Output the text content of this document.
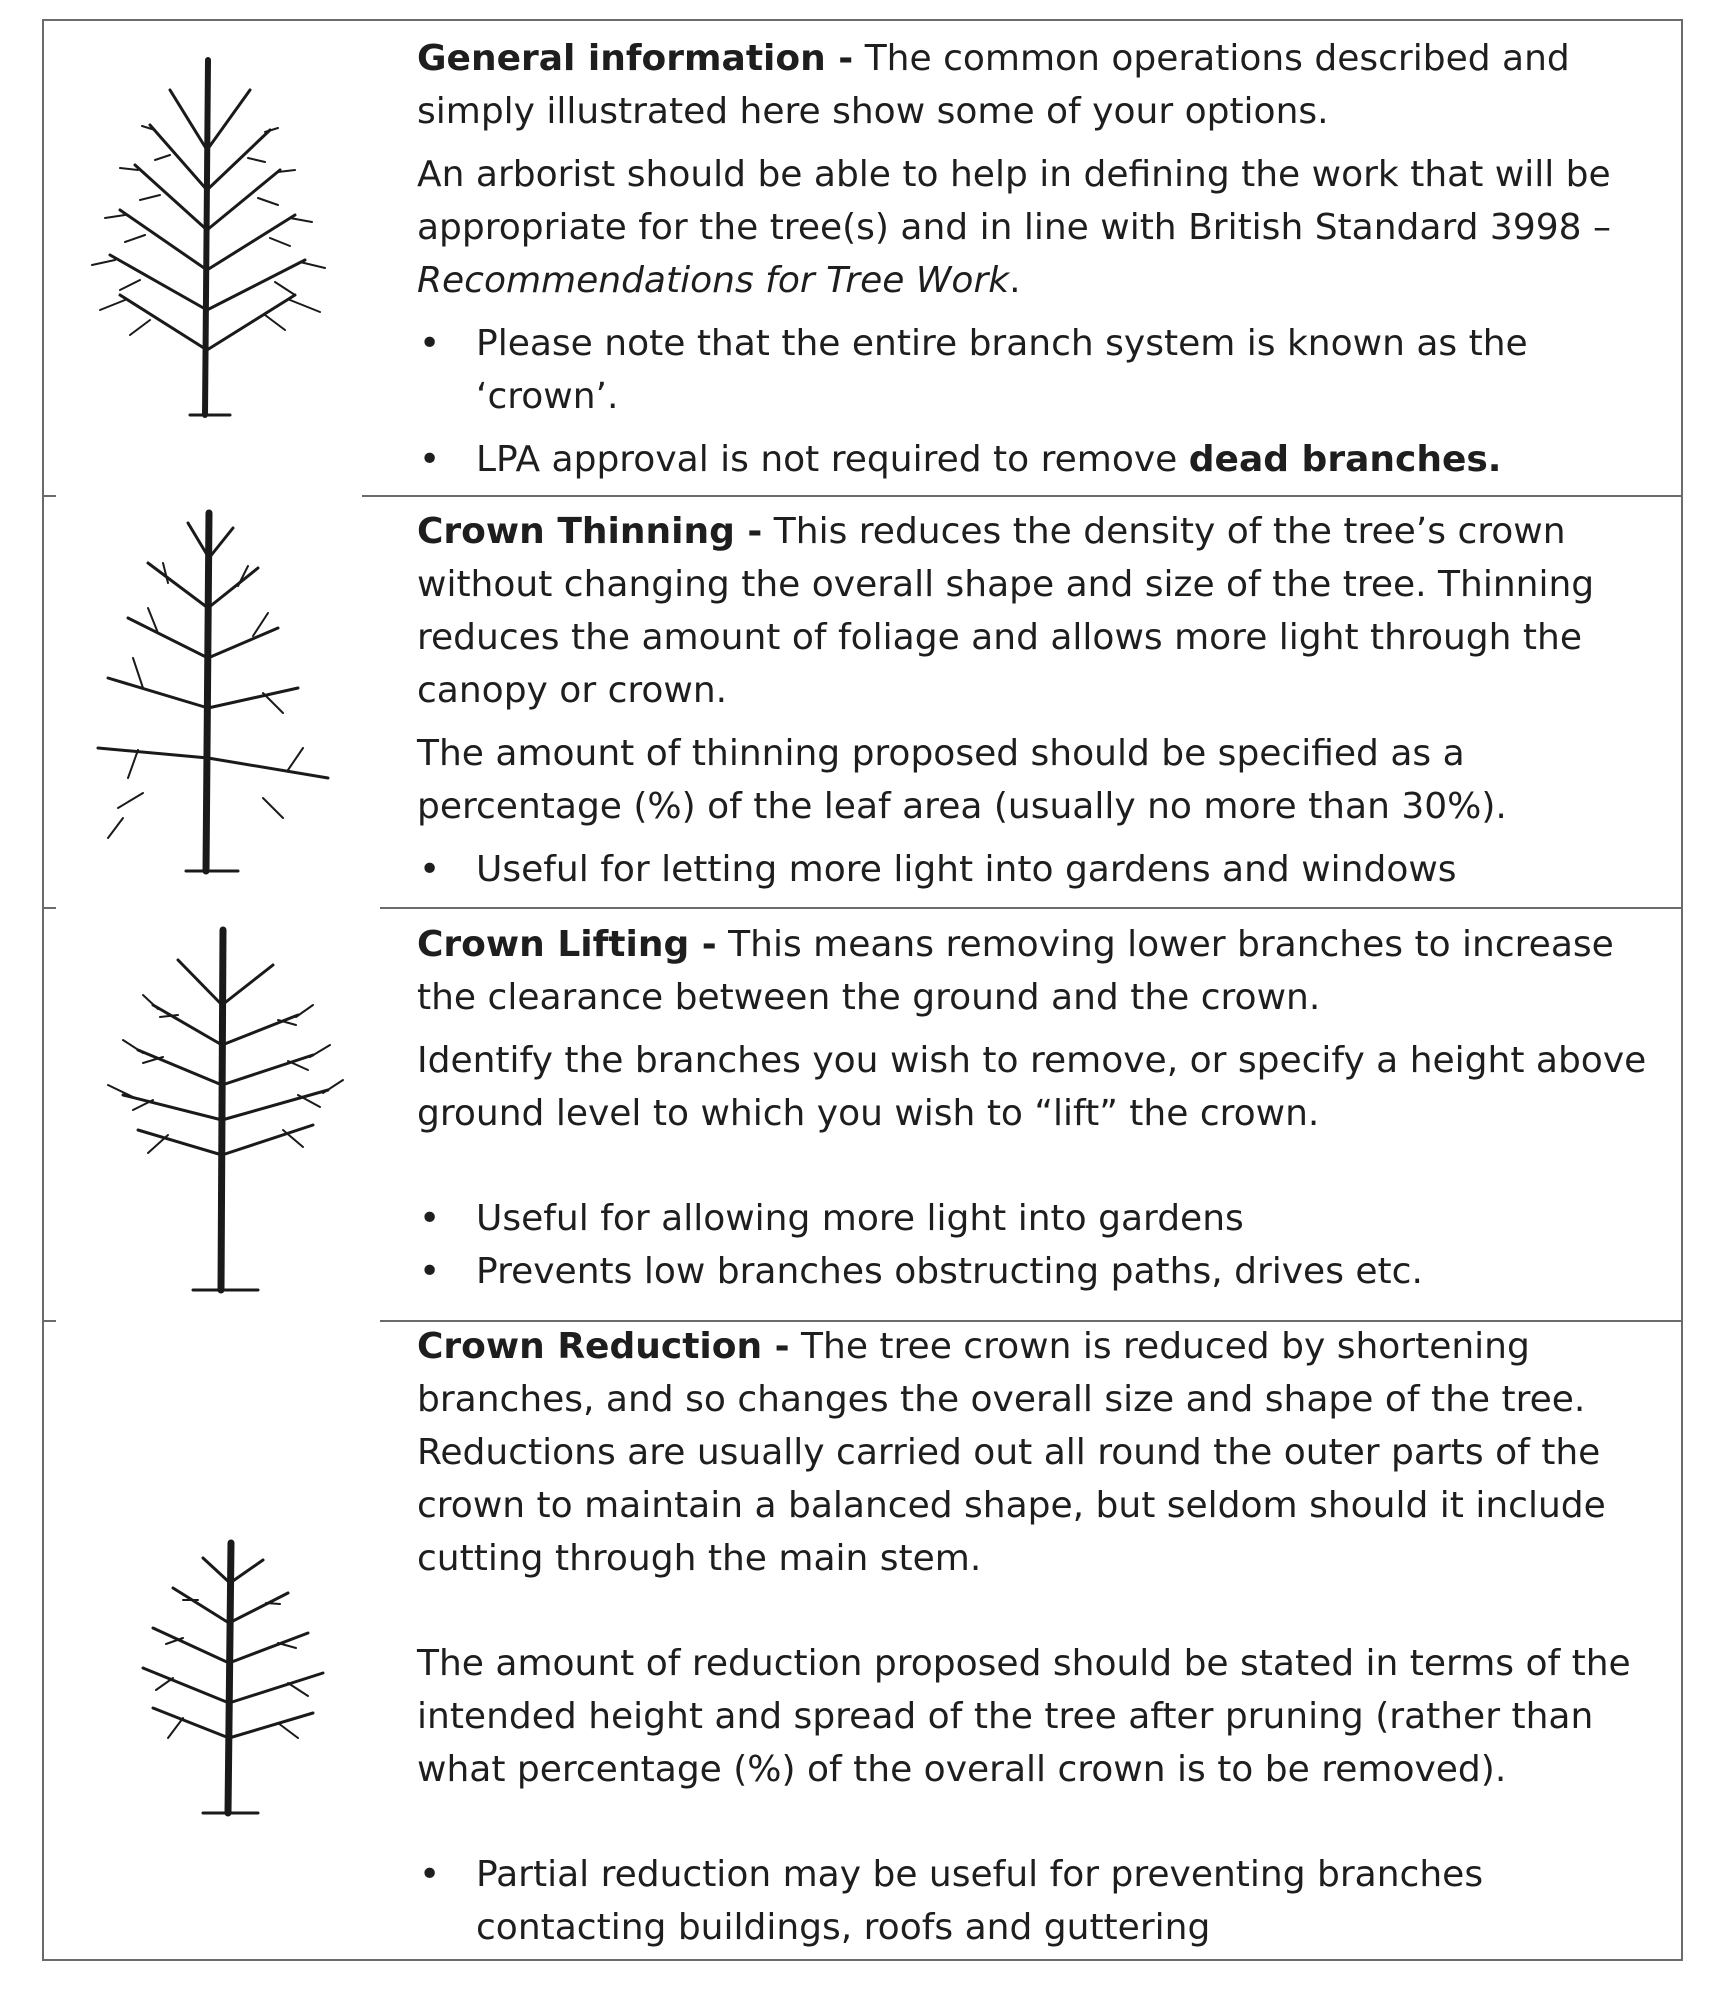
General information - The common operations described and simply illustrated here show some of your options.

An arborist should be able to help in defining the work that will be appropriate for the tree(s) and in line with British Standard 3998 – Recommendations for Tree Work.

• Please note that the entire branch system is known as the ‘crown’.
• LPA approval is not required to remove dead branches.

Crown Thinning - This reduces the density of the tree’s crown without changing the overall shape and size of the tree. Thinning reduces the amount of foliage and allows more light through the canopy or crown.

The amount of thinning proposed should be specified as a percentage (%) of the leaf area (usually no more than 30%).

• Useful for letting more light into gardens and windows

Crown Lifting - This means removing lower branches to increase the clearance between the ground and the crown.

Identify the branches you wish to remove, or specify a height above ground level to which you wish to “lift” the crown.

• Useful for allowing more light into gardens
• Prevents low branches obstructing paths, drives etc.

Crown Reduction - The tree crown is reduced by shortening branches, and so changes the overall size and shape of the tree. Reductions are usually carried out all round the outer parts of the crown to maintain a balanced shape, but seldom should it include cutting through the main stem.

The amount of reduction proposed should be stated in terms of the intended height and spread of the tree after pruning (rather than what percentage (%) of the overall crown is to be removed).

• Partial reduction may be useful for preventing branches contacting buildings, roofs and guttering
